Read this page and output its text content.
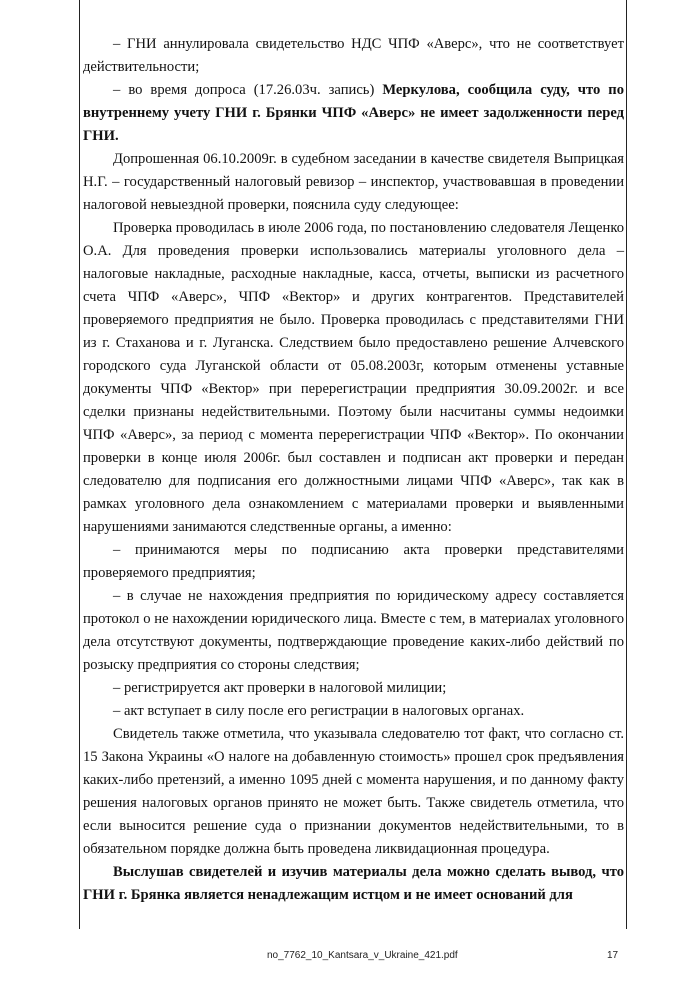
– ГНИ аннулировала свидетельство НДС ЧПФ «Аверс», что не соответствует действительности;

– во время допроса (17.26.03ч. запись) Меркулова, сообщила суду, что по внутреннему учету ГНИ г. Брянки ЧПФ «Аверс» не имеет задолженности перед ГНИ.

Допрошенная 06.10.2009г. в судебном заседании в качестве свидетеля Выприцкая Н.Г. – государственный налоговый ревизор – инспектор, участвовавшая в проведении налоговой невыездной проверки, пояснила суду следующее:

Проверка проводилась в июле 2006 года, по постановлению следователя Лещенко О.А. Для проведения проверки использовались материалы уголовного дела – налоговые накладные, расходные накладные, касса, отчеты, выписки из расчетного счета ЧПФ «Аверс», ЧПФ «Вектор» и других контрагентов. Представителей проверяемого предприятия не было. Проверка проводилась с представителями ГНИ из г. Стаханова и г. Луганска. Следствием было предоставлено решение Алчевского городского суда Луганской области от 05.08.2003г, которым отменены уставные документы ЧПФ «Вектор» при перерегистрации предприятия 30.09.2002г. и все сделки признаны недействительными. Поэтому были насчитаны суммы недоимки ЧПФ «Аверс», за период с момента перерегистрации ЧПФ «Вектор». По окончании проверки в конце июля 2006г. был составлен и подписан акт проверки и передан следователю для подписания его должностными лицами ЧПФ «Аверс», так как в рамках уголовного дела ознакомлением с материалами проверки и выявленными нарушениями занимаются следственные органы, а именно:

– принимаются меры по подписанию акта проверки представителями проверяемого предприятия;

– в случае не нахождения предприятия по юридическому адресу составляется протокол о не нахождении юридического лица. Вместе с тем, в материалах уголовного дела отсутствуют документы, подтверждающие проведение каких-либо действий по розыску предприятия со стороны следствия;

– регистрируется акт проверки в налоговой милиции;

– акт вступает в силу после его регистрации в налоговых органах.

Свидетель также отметила, что указывала следователю тот факт, что согласно ст. 15 Закона Украины «О налоге на добавленную стоимость» прошел срок предъявления каких-либо претензий, а именно 1095 дней с момента нарушения, и по данному факту решения налоговых органов принято не может быть. Также свидетель отметила, что если выносится решение суда о признании документов недействительными, то в обязательном порядке должна быть проведена ликвидационная процедура.

Выслушав свидетелей и изучив материалы дела можно сделать вывод, что ГНИ г. Брянка является ненадлежащим истцом и не имеет оснований для

no_7762_10_Kantsara_v_Ukraine_421.pdf	17
